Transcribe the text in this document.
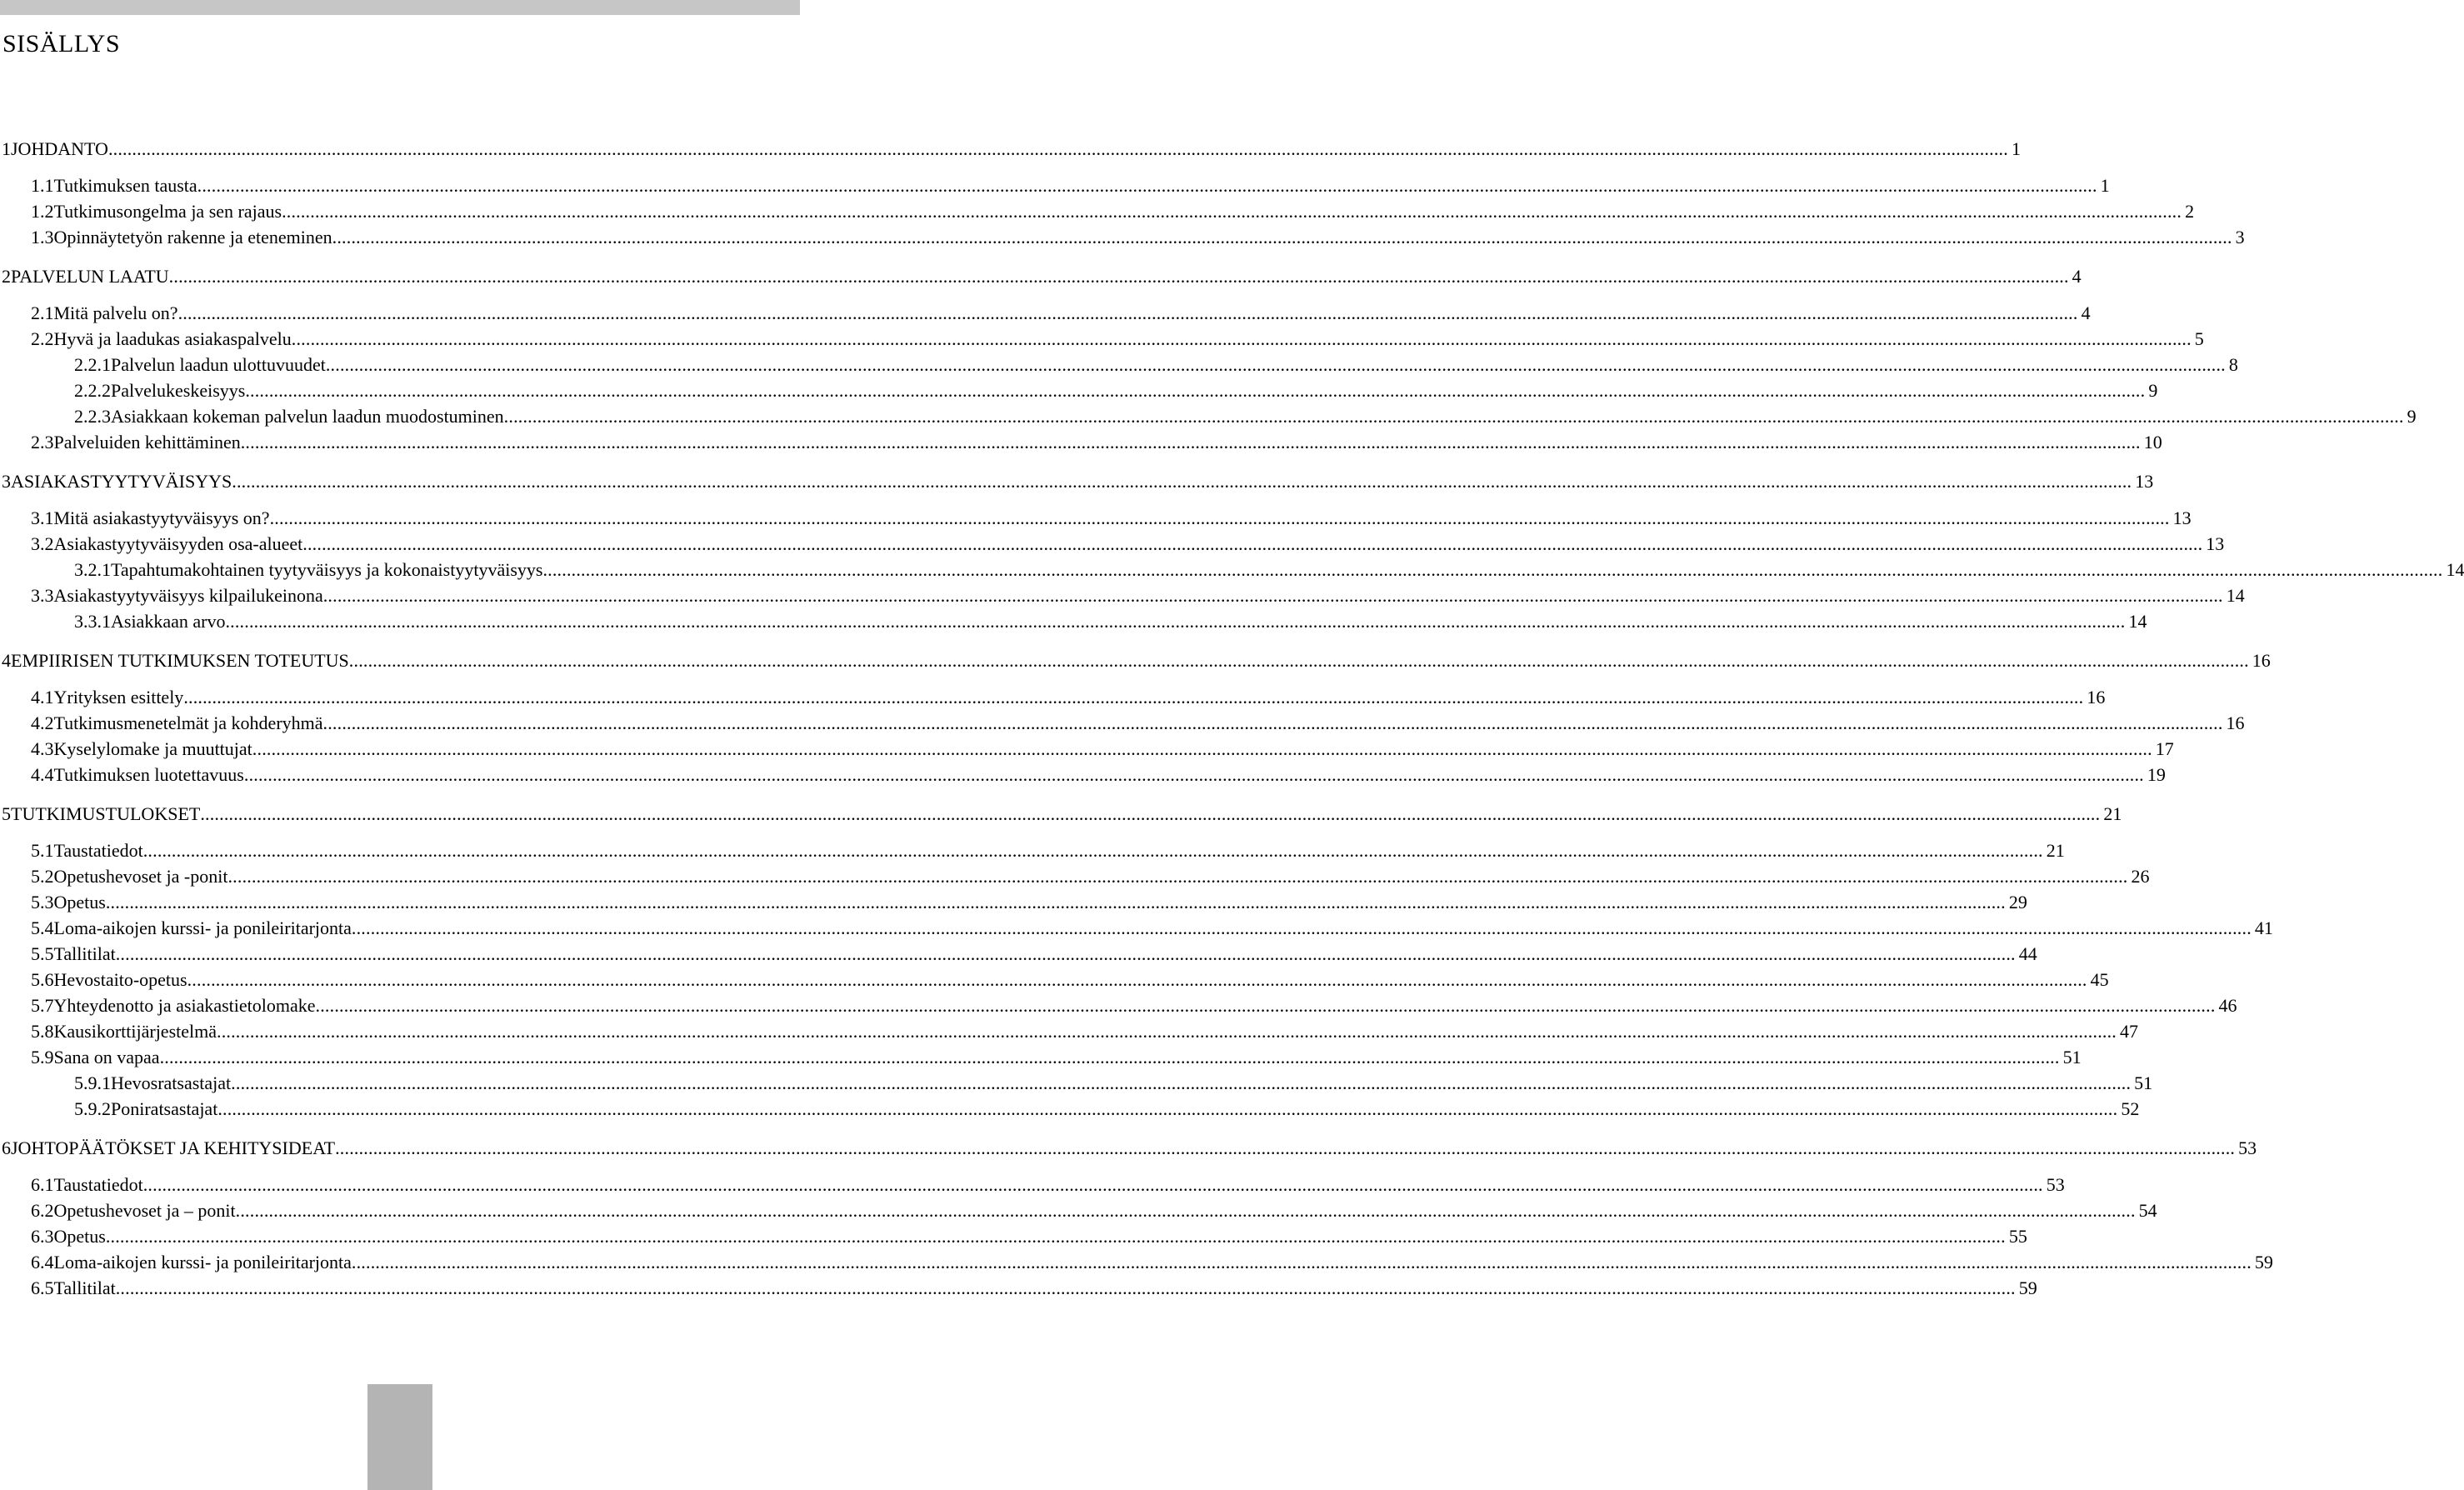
SISÄLLYS
1 JOHDANTO ................................................................................................................................................................................................................................................................................................................................................................................................................ 1
1.1 Tutkimuksen tausta ................................................................................................................................................................................................................................................................................................................................................................................................................ 1
1.2 Tutkimusongelma ja sen rajaus ................................................................................................................................................................................................................................................................................................................................................................................................................ 2
1.3 Opinnäytetyön rakenne ja eteneminen ................................................................................................................................................................................................................................................................................................................................................................................................................ 3
2 PALVELUN LAATU ................................................................................................................................................................................................................................................................................................................................................................................................................ 4
2.1 Mitä palvelu on? ................................................................................................................................................................................................................................................................................................................................................................................................................ 4
2.2 Hyvä ja laadukas asiakaspalvelu ................................................................................................................................................................................................................................................................................................................................................................................................................ 5
2.2.1 Palvelun laadun ulottuvuudet ................................................................................................................................................................................................................................................................................................................................................................................................................ 8
2.2.2 Palvelukeskeisyys ................................................................................................................................................................................................................................................................................................................................................................................................................ 9
2.2.3 Asiakkaan kokeman palvelun laadun muodostuminen ................................................................................................................................................................................................................................................................................................................................................................................................................ 9
2.3 Palveluiden kehittäminen ................................................................................................................................................................................................................................................................................................................................................................................................................ 10
3 ASIAKASTYYTYVÄISYYS ................................................................................................................................................................................................................................................................................................................................................................................................................ 13
3.1 Mitä asiakastyytyväisyys on? ................................................................................................................................................................................................................................................................................................................................................................................................................ 13
3.2 Asiakastyytyväisyyden osa-alueet ................................................................................................................................................................................................................................................................................................................................................................................................................ 13
3.2.1 Tapahtumakohtainen tyytyväisyys ja kokonaistyytyväisyys ................................................................................................................................................................................................................................................................................................................................................................................................................ 14
3.3 Asiakastyytyväisyys kilpailukeinona ................................................................................................................................................................................................................................................................................................................................................................................................................ 14
3.3.1 Asiakkaan arvo ................................................................................................................................................................................................................................................................................................................................................................................................................ 14
4 EMPIIRISEN TUTKIMUKSEN TOTEUTUS ................................................................................................................................................................................................................................................................................................................................................................................................................ 16
4.1 Yrityksen esittely ................................................................................................................................................................................................................................................................................................................................................................................................................ 16
4.2 Tutkimusmenetelmät ja kohderyhmä ................................................................................................................................................................................................................................................................................................................................................................................................................ 16
4.3 Kyselylomake ja muuttujat ................................................................................................................................................................................................................................................................................................................................................................................................................ 17
4.4 Tutkimuksen luotettavuus ................................................................................................................................................................................................................................................................................................................................................................................................................ 19
5 TUTKIMUSTULOKSET ................................................................................................................................................................................................................................................................................................................................................................................................................ 21
5.1 Taustatiedot ................................................................................................................................................................................................................................................................................................................................................................................................................ 21
5.2 Opetushevoset ja -ponit ................................................................................................................................................................................................................................................................................................................................................................................................................ 26
5.3 Opetus ................................................................................................................................................................................................................................................................................................................................................................................................................ 29
5.4 Loma-aikojen kurssi- ja ponileiritarjonta ................................................................................................................................................................................................................................................................................................................................................................................................................ 41
5.5 Tallitilat ................................................................................................................................................................................................................................................................................................................................................................................................................ 44
5.6 Hevostaito-opetus ................................................................................................................................................................................................................................................................................................................................................................................................................ 45
5.7 Yhteydenotto ja asiakastietolomake ................................................................................................................................................................................................................................................................................................................................................................................................................ 46
5.8 Kausikorttijärjestelmä ................................................................................................................................................................................................................................................................................................................................................................................................................ 47
5.9 Sana on vapaa ................................................................................................................................................................................................................................................................................................................................................................................................................ 51
5.9.1 Hevosratsastajat ................................................................................................................................................................................................................................................................................................................................................................................................................ 51
5.9.2 Poniratsastajat ................................................................................................................................................................................................................................................................................................................................................................................................................ 52
6 JOHTOPÄÄTÖKSET JA KEHITYSIDEAT ................................................................................................................................................................................................................................................................................................................................................................................................................ 53
6.1 Taustatiedot ................................................................................................................................................................................................................................................................................................................................................................................................................ 53
6.2 Opetushevoset ja – ponit ................................................................................................................................................................................................................................................................................................................................................................................................................ 54
6.3 Opetus ................................................................................................................................................................................................................................................................................................................................................................................................................ 55
6.4 Loma-aikojen kurssi- ja ponileiritarjonta ................................................................................................................................................................................................................................................................................................................................................................................................................ 59
6.5 Tallitilat ................................................................................................................................................................................................................................................................................................................................................................................................................ 59
